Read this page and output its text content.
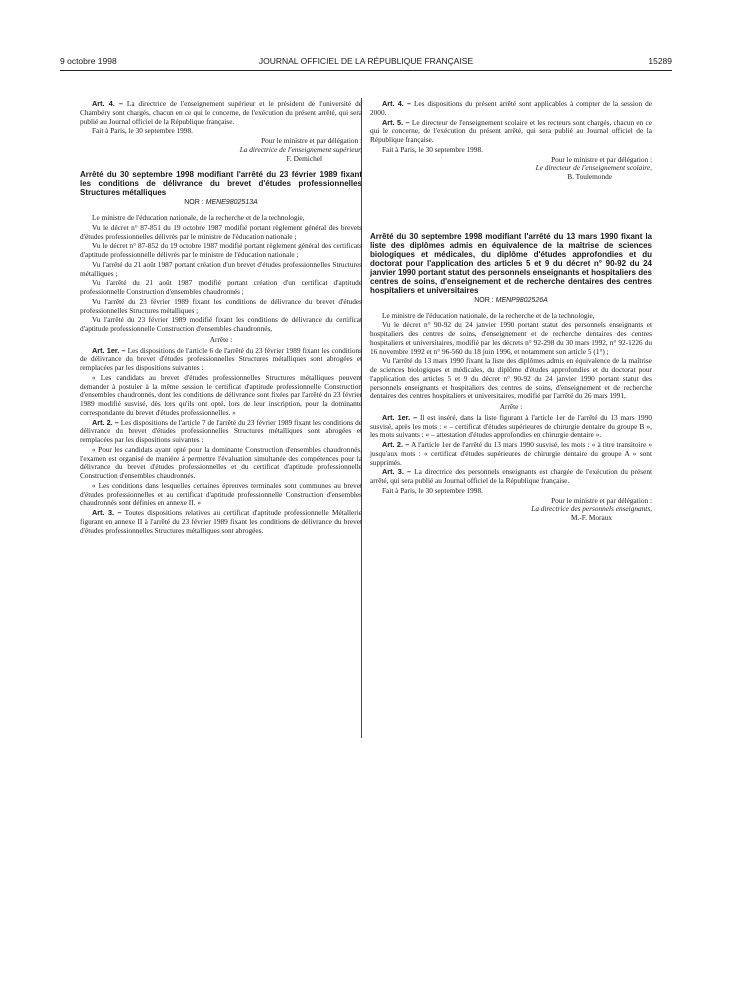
9 octobre 1998	JOURNAL OFFICIEL DE LA RÉPUBLIQUE FRANÇAISE	15289

Art. 4. – La directrice de l'enseignement supérieur et le président de l'université de Chambéry sont chargés, chacun en ce qui le concerne, de l'exécution du présent arrêté, qui sera publié au Journal officiel de la République française.

Fait à Paris, le 30 septembre 1998.

Pour le ministre et par délégation :

La directrice de l'enseignement supérieur,

F. Demichel

Arrêté du 30 septembre 1998 modifiant l'arrêté du 23 février 1989 fixant les conditions de délivrance du brevet d'études professionnelles Structures métalliques
NOR : MENE9802513A

Le ministre de l'éducation nationale, de la recherche et de la technologie,

Vu le décret n° 87-851 du 19 octobre 1987 modifié portant règlement général des brevets d'études professionnelles délivrés par le ministre de l'éducation nationale ;

Vu le décret n° 87-852 du 19 octobre 1987 modifié portant règlement général des certificats d'aptitude professionnelle délivrés par le ministre de l'éducation nationale ;

Vu l'arrêté du 21 août 1987 portant création d'un brevet d'études professionnelles Structures métalliques ;

Vu l'arrêté du 21 août 1987 modifié portant création d'un certificat d'aptitude professionnelle Construction d'ensembles chaudronnés ;

Vu l'arrêté du 23 février 1989 fixant les conditions de délivrance du brevet d'études professionnelles Structures métalliques ;

Vu l'arrêté du 23 février 1989 modifié fixant les conditions de délivrance du certificat d'aptitude professionnelle Construction d'ensembles chaudronnés,

Arrête :

Art. 1er. – Les dispositions de l'article 6 de l'arrêté du 23 février 1989 fixant les conditions de délivrance du brevet d'études professionnelles Structures métalliques sont abrogées et remplacées par les dispositions suivantes :

« Les candidats au brevet d'études professionnelles Structures métalliques peuvent demander à postuler à la même session le certificat d'aptitude professionnelle Construction d'ensembles chaudronnés, dont les conditions de délivrance sont fixées par l'arrêté du 23 février 1989 modifié susvisé, dès lors qu'ils ont opté, lors de leur inscription, pour la dominante correspondante du brevet d'études professionnelles. »

Art. 2. – Les dispositions de l'article 7 de l'arrêté du 23 février 1989 fixant les conditions de délivrance du brevet d'études professionnelles Structures métalliques sont abrogées et remplacées par les dispositions suivantes :

« Pour les candidats ayant opté pour la dominante Construction d'ensembles chaudronnés, l'examen est organisé de manière à permettre l'évaluation simultanée des compétences pour la délivrance du brevet d'études professionnelles et du certificat d'aptitude professionnelle Construction d'ensembles chaudronnés.

« Les conditions dans lesquelles certaines épreuves terminales sont communes au brevet d'études professionnelles et au certificat d'aptitude professionnelle Construction d'ensembles chaudronnés sont définies en annexe II. »

Art. 3. – Toutes dispositions relatives au certificat d'aptitude professionnelle Métallerie figurant en annexe II à l'arrêté du 23 février 1989 fixant les conditions de délivrance du brevet d'études professionnelles Structures métalliques sont abrogées.

Art. 4. – Les dispositions du présent arrêté sont applicables à compter de la session de 2000.

Art. 5. – Le directeur de l'enseignement scolaire et les recteurs sont chargés, chacun en ce qui le concerne, de l'exécution du présent arrêté, qui sera publié au Journal officiel de la République française.

Fait à Paris, le 30 septembre 1998.

Pour le ministre et par délégation :

Le directeur de l'enseignement scolaire,

B. Toulemonde

Arrêté du 30 septembre 1998 modifiant l'arrêté du 13 mars 1990 fixant la liste des diplômes admis en équivalence de la maîtrise de sciences biologiques et médicales, du diplôme d'études approfondies et du doctorat pour l'application des articles 5 et 9 du décret n° 90-92 du 24 janvier 1990 portant statut des personnels enseignants et hospitaliers des centres de soins, d'enseignement et de recherche dentaires des centres hospitaliers et universitaires
NOR : MENP9802526A

Le ministre de l'éducation nationale, de la recherche et de la technologie,

Vu le décret n° 90-92 du 24 janvier 1990 portant statut des personnels enseignants et hospitaliers des centres de soins, d'enseignement et de recherche dentaires des centres hospitaliers et universitaires, modifié par les décrets n° 92-298 du 30 mars 1992, n° 92-1226 du 16 novembre 1992 et n° 96-560 du 18 juin 1996, et notamment son article 5 (1°) ;

Vu l'arrêté du 13 mars 1990 fixant la liste des diplômes admis en équivalence de la maîtrise de sciences biologiques et médicales, du diplôme d'études approfondies et du doctorat pour l'application des articles 5 et 9 du décret n° 90-92 du 24 janvier 1990 portant statut des personnels enseignants et hospitaliers des centres de soins, d'enseignement et de recherche dentaires des centres hospitaliers et universitaires, modifié par l'arrêté du 26 mars 1991,

Arrête :

Art. 1er. – Il est inséré, dans la liste figurant à l'article 1er de l'arrêté du 13 mars 1990 susvisé, après les mots : « – certificat d'études supérieures de chirurgie dentaire du groupe B », les mots suivants : « – attestation d'études approfondies en chirurgie dentaire ».

Art. 2. – A l'article 1er de l'arrêté du 13 mars 1990 susvisé, les mots : « à titre transitoire » jusqu'aux mots : « certificat d'études supérieures de chirurgie dentaire du groupe A » sont supprimés.

Art. 3. – La directrice des personnels enseignants est chargée de l'exécution du présent arrêté, qui sera publié au Journal officiel de la République française.

Fait à Paris, le 30 septembre 1998.

Pour le ministre et par délégation :

La directrice des personnels enseignants,

M.-F. Moraux
